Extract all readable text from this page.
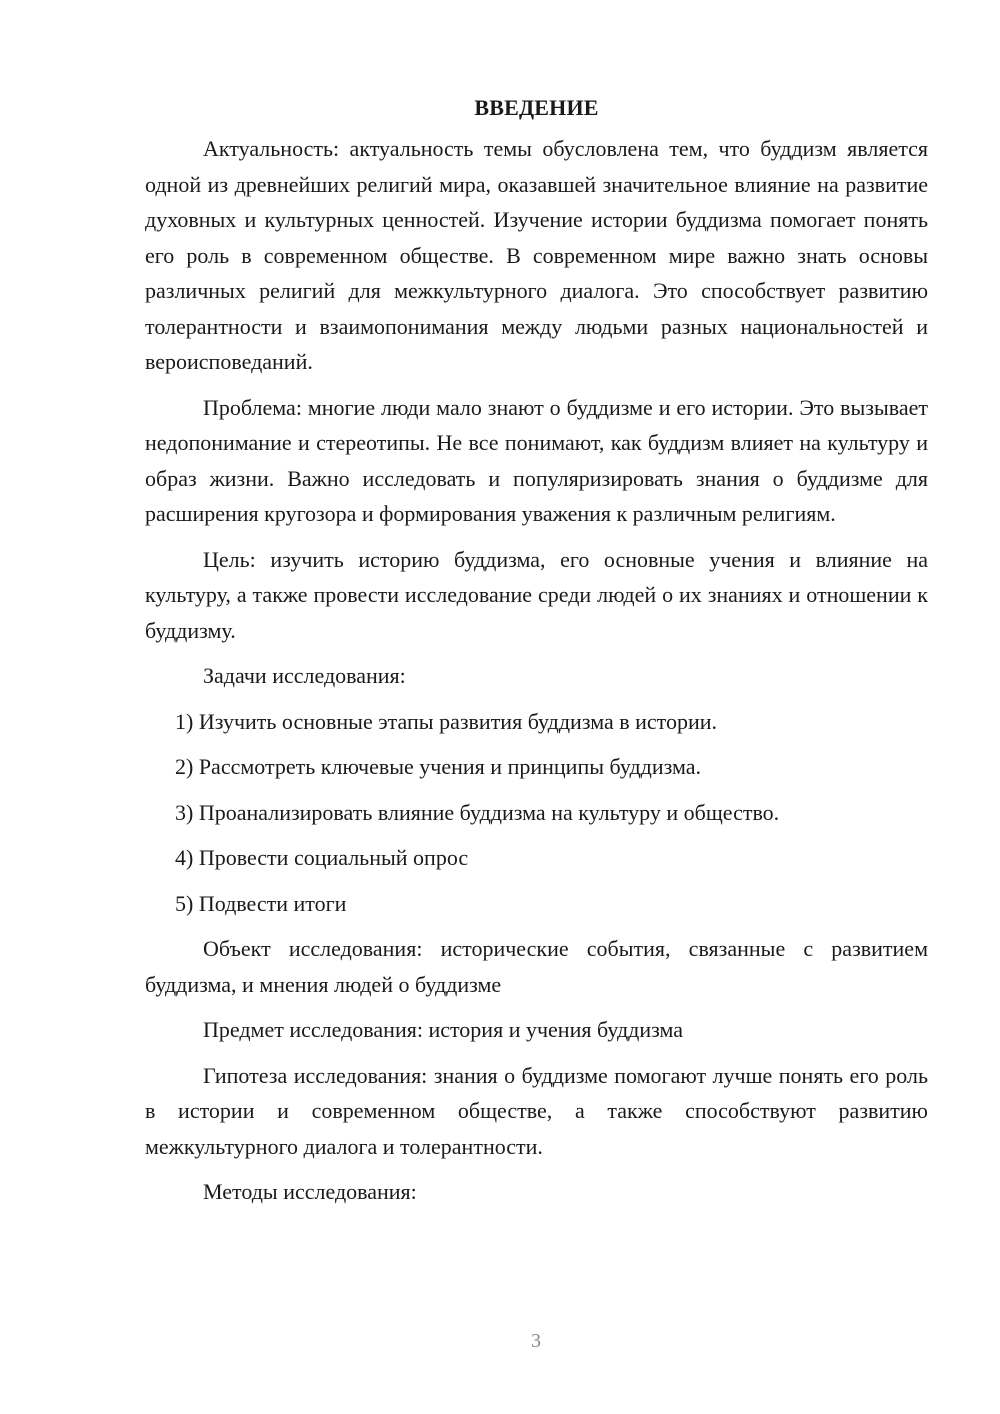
ВВЕДЕНИЕ

Актуальность: актуальность темы обусловлена тем, что буддизм является одной из древнейших религий мира, оказавшей значительное влияние на развитие духовных и культурных ценностей. Изучение истории буддизма помогает понять его роль в современном обществе. В современном мире важно знать основы различных религий для межкультурного диалога. Это способствует развитию толерантности и взаимопонимания между людьми разных национальностей и вероисповеданий.

Проблема: многие люди мало знают о буддизме и его истории. Это вызывает недопонимание и стереотипы. Не все понимают, как буддизм влияет на культуру и образ жизни. Важно исследовать и популяризировать знания о буддизме для расширения кругозора и формирования уважения к различным религиям.

Цель: изучить историю буддизма, его основные учения и влияние на культуру, а также провести исследование среди людей о их знаниях и отношении к буддизму.

Задачи исследования:

1) Изучить основные этапы развития буддизма в истории.
2) Рассмотреть ключевые учения и принципы буддизма.
3) Проанализировать влияние буддизма на культуру и общество.
4) Провести социальный опрос
5) Подвести итоги

Объект исследования: исторические события, связанные с развитием буддизма, и мнения людей о буддизме

Предмет исследования: история и учения буддизма

Гипотеза исследования: знания о буддизме помогают лучше понять его роль в истории и современном обществе, а также способствуют развитию межкультурного диалога и толерантности.

Методы исследования:

3
